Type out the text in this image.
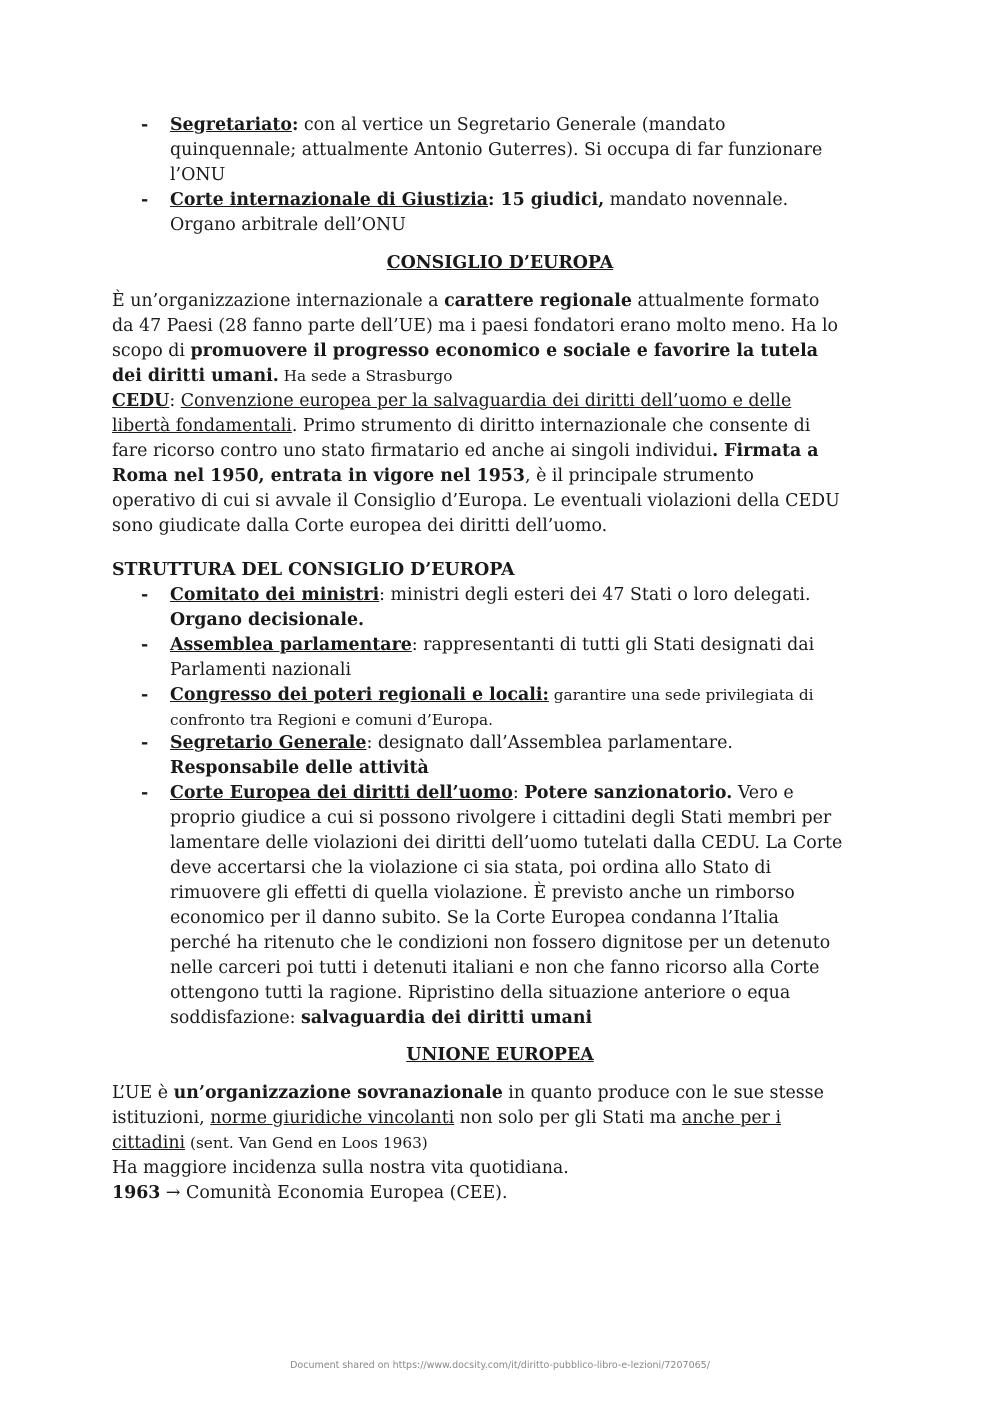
- Segretariato: con al vertice un Segretario Generale (mandato
quinquennale; attualmente Antonio Guterres). Si occupa di far funzionare
l’ONU
- Corte internazionale di Giustizia: 15 giudici, mandato novennale.
Organo arbitrale dell’ONU
CONSIGLIO D’EUROPA
È un’organizzazione internazionale a carattere regionale attualmente formato
da 47 Paesi (28 fanno parte dell’UE) ma i paesi fondatori erano molto meno. Ha lo
scopo di promuovere il progresso economico e sociale e favorire la tutela
dei diritti umani. Ha sede a Strasburgo
CEDU: Convenzione europea per la salvaguardia dei diritti dell’uomo e delle
libertà fondamentali. Primo strumento di diritto internazionale che consente di
fare ricorso contro uno stato firmatario ed anche ai singoli individui. Firmata a
Roma nel 1950, entrata in vigore nel 1953, è il principale strumento
operativo di cui si avvale il Consiglio d’Europa. Le eventuali violazioni della CEDU
sono giudicate dalla Corte europea dei diritti dell’uomo.
STRUTTURA DEL CONSIGLIO D’EUROPA
- Comitato dei ministri: ministri degli esteri dei 47 Stati o loro delegati.
Organo decisionale.
- Assemblea parlamentare: rappresentanti di tutti gli Stati designati dai
Parlamenti nazionali
- Congresso dei poteri regionali e locali: garantire una sede privilegiata di
confronto tra Regioni e comuni d’Europa.
- Segretario Generale: designato dall’Assemblea parlamentare.
Responsabile delle attività
- Corte Europea dei diritti dell’uomo: Potere sanzionatorio. Vero e
proprio giudice a cui si possono rivolgere i cittadini degli Stati membri per
lamentare delle violazioni dei diritti dell’uomo tutelati dalla CEDU. La Corte
deve accertarsi che la violazione ci sia stata, poi ordina allo Stato di
rimuovere gli effetti di quella violazione. È previsto anche un rimborso
economico per il danno subito. Se la Corte Europea condanna l’Italia
perché ha ritenuto che le condizioni non fossero dignitose per un detenuto
nelle carceri poi tutti i detenuti italiani e non che fanno ricorso alla Corte
ottengono tutti la ragione. Ripristino della situazione anteriore o equa
soddisfazione: salvaguardia dei diritti umani
UNIONE EUROPEA
L’UE è un’organizzazione sovranazionale in quanto produce con le sue stesse
istituzioni, norme giuridiche vincolanti non solo per gli Stati ma anche per i
cittadini (sent. Van Gend en Loos 1963)
Ha maggiore incidenza sulla nostra vita quotidiana.
1963 → Comunità Economia Europea (CEE).
Document shared on https://www.docsity.com/it/diritto-pubblico-libro-e-lezioni/7207065/
